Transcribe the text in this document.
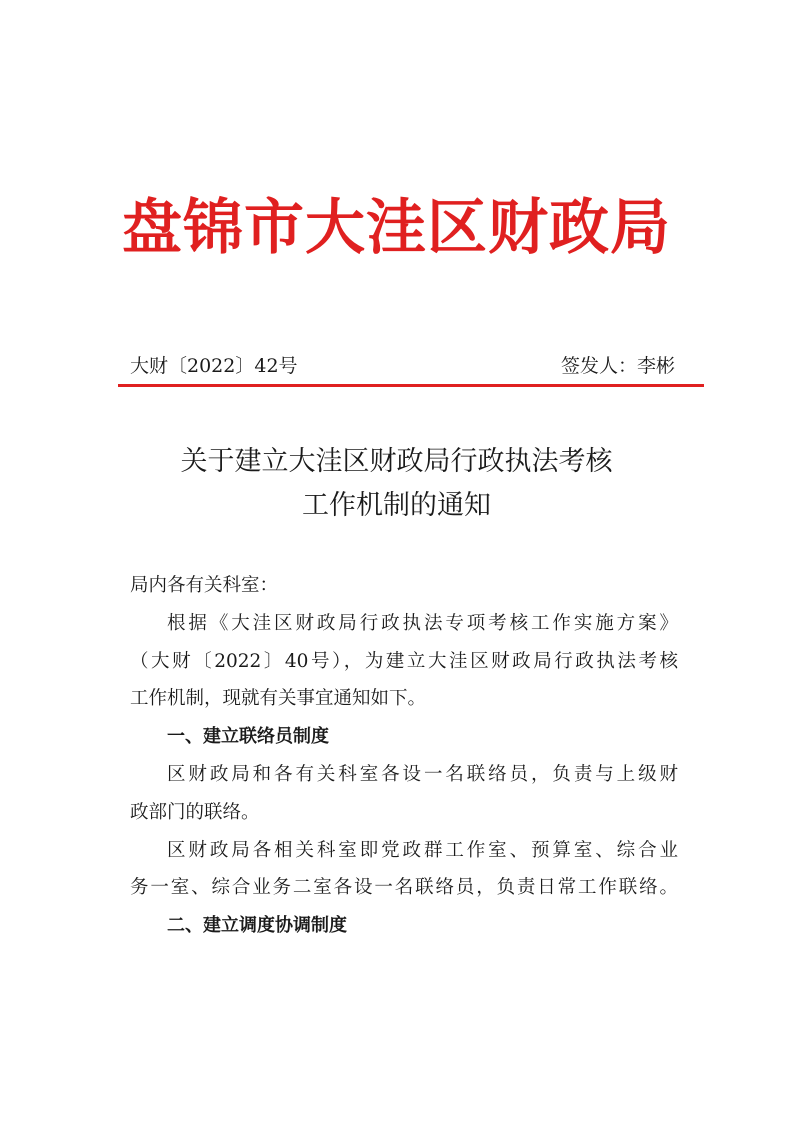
盘锦市大洼区财政局
大财〔2022〕42号	签发人：李彬
关于建立大洼区财政局行政执法考核
工作机制的通知
局内各有关科室：
根据《大洼区财政局行政执法专项考核工作实施方案》
（大财〔2022〕40号），为建立大洼区财政局行政执法考核
工作机制，现就有关事宜通知如下。
一、建立联络员制度
区财政局和各有关科室各设一名联络员，负责与上级财
政部门的联络。
区财政局各相关科室即党政群工作室、预算室、综合业
务一室、综合业务二室各设一名联络员，负责日常工作联络。
二、建立调度协调制度
